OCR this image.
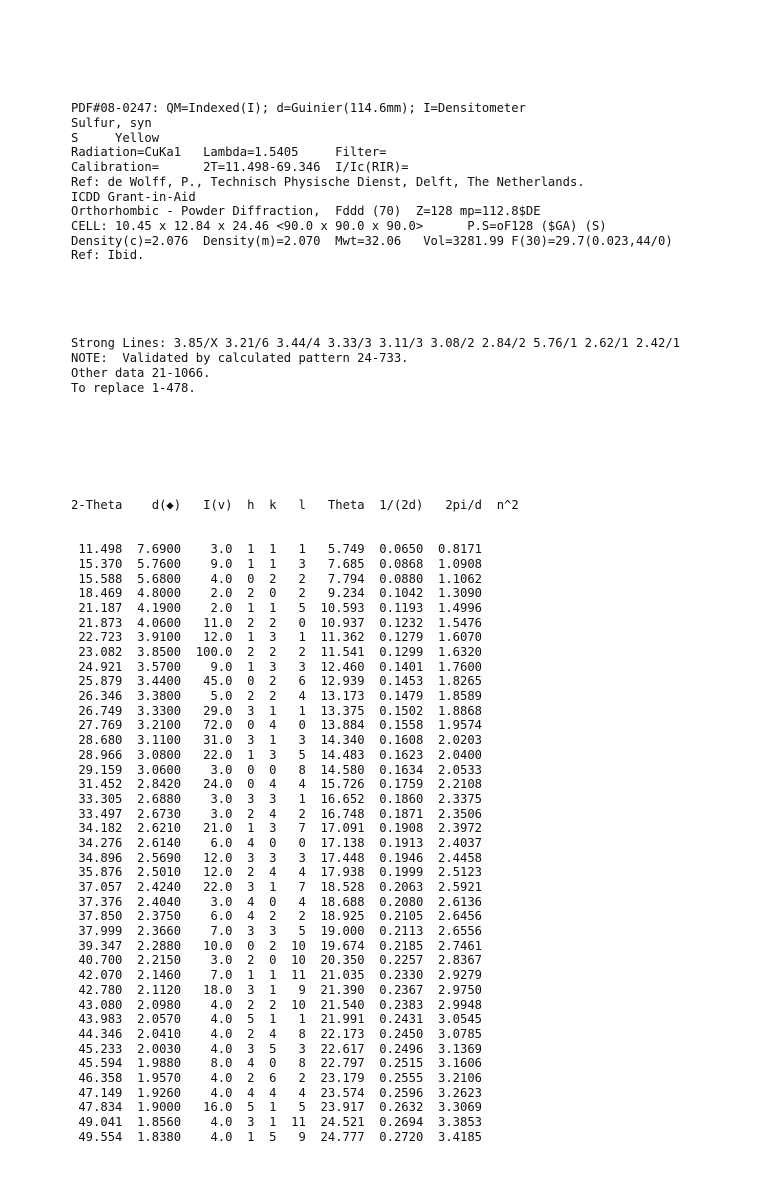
PDF#08-0247: QM=Indexed(I); d=Guinier(114.6mm); I=Densitometer
Sulfur, syn
S     Yellow
Radiation=CuKa1   Lambda=1.5405     Filter=
Calibration=      2T=11.498-69.346  I/Ic(RIR)=
Ref: de Wolff, P., Technisch Physische Dienst, Delft, The Netherlands.
ICDD Grant-in-Aid
Orthorhombic - Powder Diffraction,  Fddd (70)  Z=128 mp=112.8$DE
CELL: 10.45 x 12.84 x 24.46 <90.0 x 90.0 x 90.0>      P.S=oF128 ($GA) (S)
Density(c)=2.076  Density(m)=2.070  Mwt=32.06   Vol=3281.99 F(30)=29.7(0.023,44/0)
Ref: Ibid.

Strong Lines: 3.85/X 3.21/6 3.44/4 3.33/3 3.11/3 3.08/2 2.84/2 5.76/1 2.62/1 2.42/1
NOTE:  Validated by calculated pattern 24-733.
Other data 21-1066.
To replace 1-478.

2-Theta d(◆) I(v) h k l Theta 1/(2d) 2pi/d n^2

11.498 7.6900 3.0 1 1 1 5.749 0.0650 0.8171
15.370 5.7600 9.0 1 1 3 7.685 0.0868 1.0908
15.588 5.6800 4.0 0 2 2 7.794 0.0880 1.1062
18.469 4.8000 2.0 2 0 2 9.234 0.1042 1.3090
21.187 4.1900 2.0 1 1 5 10.593 0.1193 1.4996
21.873 4.0600 11.0 2 2 0 10.937 0.1232 1.5476
22.723 3.9100 12.0 1 3 1 11.362 0.1279 1.6070
23.082 3.8500 100.0 2 2 2 11.541 0.1299 1.6320
24.921 3.5700 9.0 1 3 3 12.460 0.1401 1.7600
25.879 3.4400 45.0 0 2 6 12.939 0.1453 1.8265
26.346 3.3800 5.0 2 2 4 13.173 0.1479 1.8589
26.749 3.3300 29.0 3 1 1 13.375 0.1502 1.8868
27.769 3.2100 72.0 0 4 0 13.884 0.1558 1.9574
28.680 3.1100 31.0 3 1 3 14.340 0.1608 2.0203
28.966 3.0800 22.0 1 3 5 14.483 0.1623 2.0400
29.159 3.0600 3.0 0 0 8 14.580 0.1634 2.0533
31.452 2.8420 24.0 0 4 4 15.726 0.1759 2.2108
33.305 2.6880 3.0 3 3 1 16.652 0.1860 2.3375
33.497 2.6730 3.0 2 4 2 16.748 0.1871 2.3506
34.182 2.6210 21.0 1 3 7 17.091 0.1908 2.3972
34.276 2.6140 6.0 4 0 0 17.138 0.1913 2.4037
34.896 2.5690 12.0 3 3 3 17.448 0.1946 2.4458
35.876 2.5010 12.0 2 4 4 17.938 0.1999 2.5123
37.057 2.4240 22.0 3 1 7 18.528 0.2063 2.5921
37.376 2.4040 3.0 4 0 4 18.688 0.2080 2.6136
37.850 2.3750 6.0 4 2 2 18.925 0.2105 2.6456
37.999 2.3660 7.0 3 3 5 19.000 0.2113 2.6556
39.347 2.2880 10.0 0 2 10 19.674 0.2185 2.7461
40.700 2.2150 3.0 2 0 10 20.350 0.2257 2.8367
42.070 2.1460 7.0 1 1 11 21.035 0.2330 2.9279
42.780 2.1120 18.0 3 1 9 21.390 0.2367 2.9750
43.080 2.0980 4.0 2 2 10 21.540 0.2383 2.9948
43.983 2.0570 4.0 5 1 1 21.991 0.2431 3.0545
44.346 2.0410 4.0 2 4 8 22.173 0.2450 3.0785
45.233 2.0030 4.0 3 5 3 22.617 0.2496 3.1369
45.594 1.9880 8.0 4 0 8 22.797 0.2515 3.1606
46.358 1.9570 4.0 2 6 2 23.179 0.2555 3.2106
47.149 1.9260 4.0 4 4 4 23.574 0.2596 3.2623
47.834 1.9000 16.0 5 1 5 23.917 0.2632 3.3069
49.041 1.8560 4.0 3 1 11 24.521 0.2694 3.3853
49.554 1.8380 4.0 1 5 9 24.777 0.2720 3.4185
